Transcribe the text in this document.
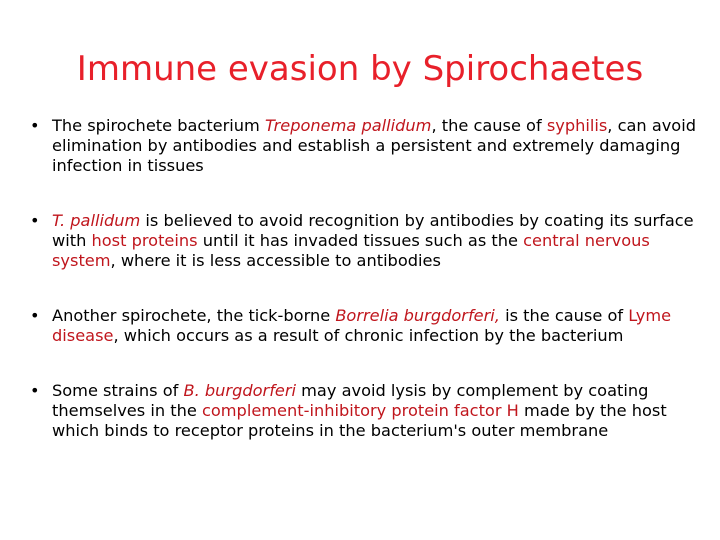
Immune evasion by Spirochaetes
• The spirochete bacterium Treponema pallidum, the cause of syphilis, can avoid elimination by antibodies and establish a persistent and extremely damaging infection in tissues
• T. pallidum is believed to avoid recognition by antibodies by coating its surface with host proteins until it has invaded tissues such as the central nervous system, where it is less accessible to antibodies
• Another spirochete, the tick-borne Borrelia burgdorferi, is the cause of Lyme disease, which occurs as a result of chronic infection by the bacterium
• Some strains of B. burgdorferi may avoid lysis by complement by coating themselves in the complement-inhibitory protein factor H made by the host which binds to receptor proteins in the bacterium's outer membrane
